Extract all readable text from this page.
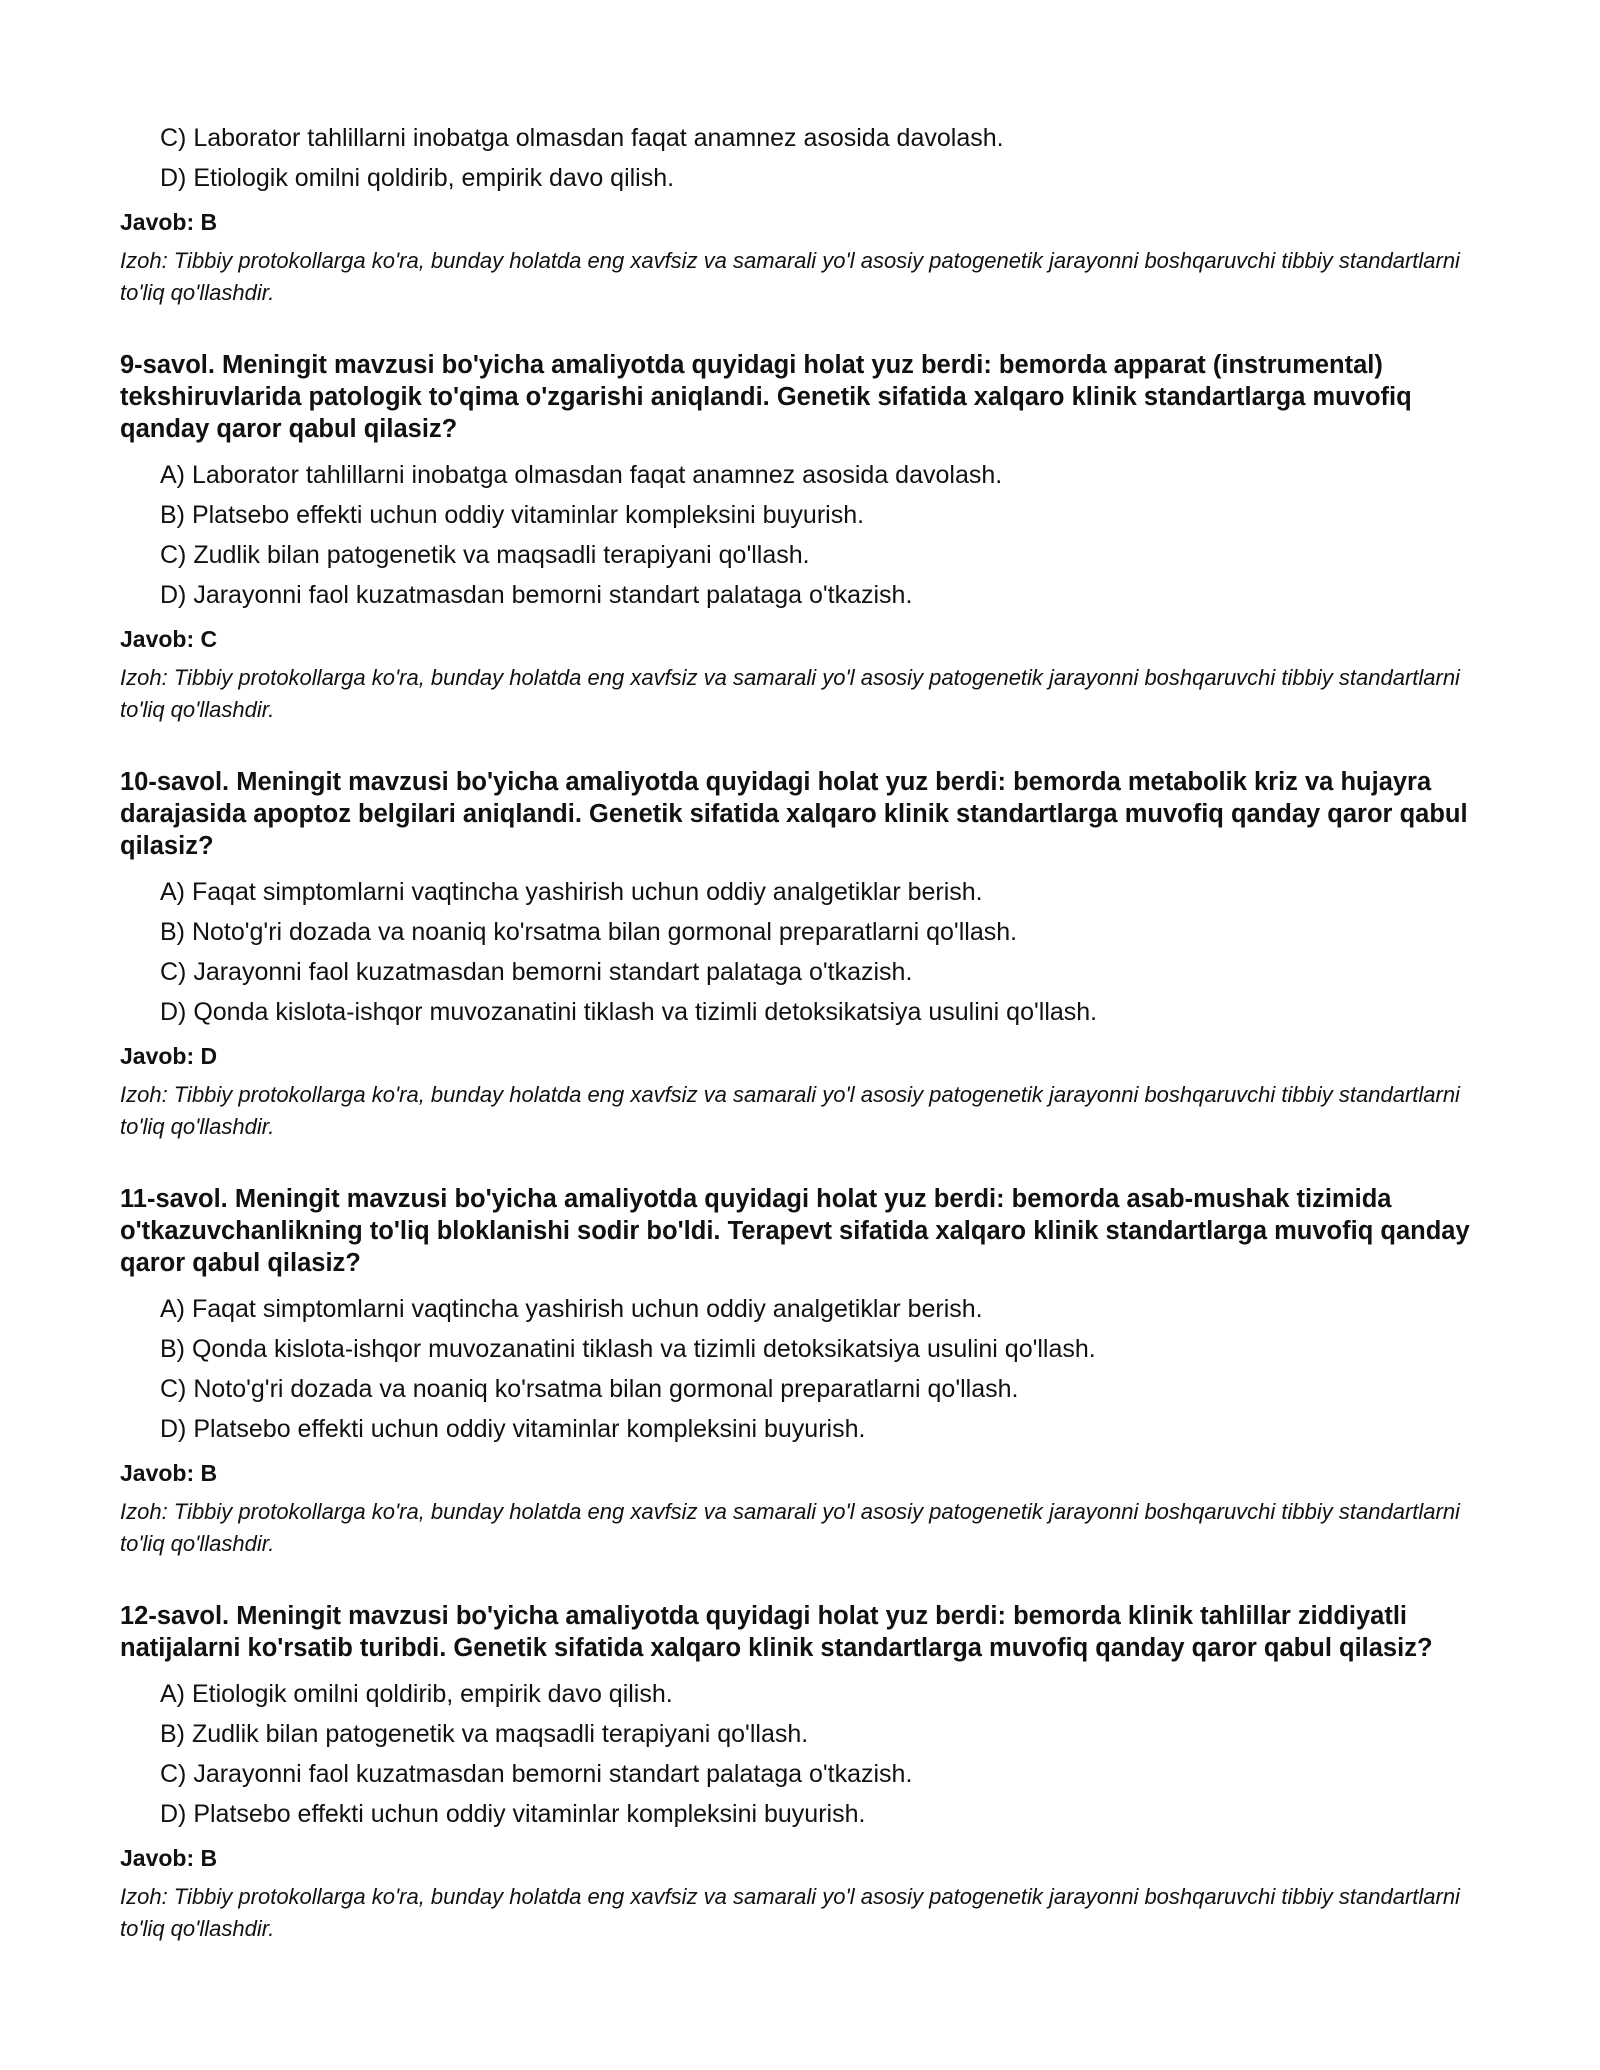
C) Laborator tahlillarni inobatga olmasdan faqat anamnez asosida davolash.
D) Etiologik omilni qoldirib, empirik davo qilish.
Javob: B
Izoh: Tibbiy protokollarga ko'ra, bunday holatda eng xavfsiz va samarali yo'l asosiy patogenetik jarayonni boshqaruvchi tibbiy standartlarni to'liq qo'llashdir.
9-savol. Meningit mavzusi bo'yicha amaliyotda quyidagi holat yuz berdi: bemorda apparat (instrumental) tekshiruvlarida patologik to'qima o'zgarishi aniqlandi. Genetik sifatida xalqaro klinik standartlarga muvofiq qanday qaror qabul qilasiz?
A) Laborator tahlillarni inobatga olmasdan faqat anamnez asosida davolash.
B) Platsebo effekti uchun oddiy vitaminlar kompleksini buyurish.
C) Zudlik bilan patogenetik va maqsadli terapiyani qo'llash.
D) Jarayonni faol kuzatmasdan bemorni standart palataga o'tkazish.
Javob: C
Izoh: Tibbiy protokollarga ko'ra, bunday holatda eng xavfsiz va samarali yo'l asosiy patogenetik jarayonni boshqaruvchi tibbiy standartlarni to'liq qo'llashdir.
10-savol. Meningit mavzusi bo'yicha amaliyotda quyidagi holat yuz berdi: bemorda metabolik kriz va hujayra darajasida apoptoz belgilari aniqlandi. Genetik sifatida xalqaro klinik standartlarga muvofiq qanday qaror qabul qilasiz?
A) Faqat simptomlarni vaqtincha yashirish uchun oddiy analgetiklar berish.
B) Noto'g'ri dozada va noaniq ko'rsatma bilan gormonal preparatlarni qo'llash.
C) Jarayonni faol kuzatmasdan bemorni standart palataga o'tkazish.
D) Qonda kislota-ishqor muvozanatini tiklash va tizimli detoksikatsiya usulini qo'llash.
Javob: D
Izoh: Tibbiy protokollarga ko'ra, bunday holatda eng xavfsiz va samarali yo'l asosiy patogenetik jarayonni boshqaruvchi tibbiy standartlarni to'liq qo'llashdir.
11-savol. Meningit mavzusi bo'yicha amaliyotda quyidagi holat yuz berdi: bemorda asab-mushak tizimida o'tkazuvchanlikning to'liq bloklanishi sodir bo'ldi. Terapevt sifatida xalqaro klinik standartlarga muvofiq qanday qaror qabul qilasiz?
A) Faqat simptomlarni vaqtincha yashirish uchun oddiy analgetiklar berish.
B) Qonda kislota-ishqor muvozanatini tiklash va tizimli detoksikatsiya usulini qo'llash.
C) Noto'g'ri dozada va noaniq ko'rsatma bilan gormonal preparatlarni qo'llash.
D) Platsebo effekti uchun oddiy vitaminlar kompleksini buyurish.
Javob: B
Izoh: Tibbiy protokollarga ko'ra, bunday holatda eng xavfsiz va samarali yo'l asosiy patogenetik jarayonni boshqaruvchi tibbiy standartlarni to'liq qo'llashdir.
12-savol. Meningit mavzusi bo'yicha amaliyotda quyidagi holat yuz berdi: bemorda klinik tahlillar ziddiyatli natijalarni ko'rsatib turibdi. Genetik sifatida xalqaro klinik standartlarga muvofiq qanday qaror qabul qilasiz?
A) Etiologik omilni qoldirib, empirik davo qilish.
B) Zudlik bilan patogenetik va maqsadli terapiyani qo'llash.
C) Jarayonni faol kuzatmasdan bemorni standart palataga o'tkazish.
D) Platsebo effekti uchun oddiy vitaminlar kompleksini buyurish.
Javob: B
Izoh: Tibbiy protokollarga ko'ra, bunday holatda eng xavfsiz va samarali yo'l asosiy patogenetik jarayonni boshqaruvchi tibbiy standartlarni to'liq qo'llashdir.
